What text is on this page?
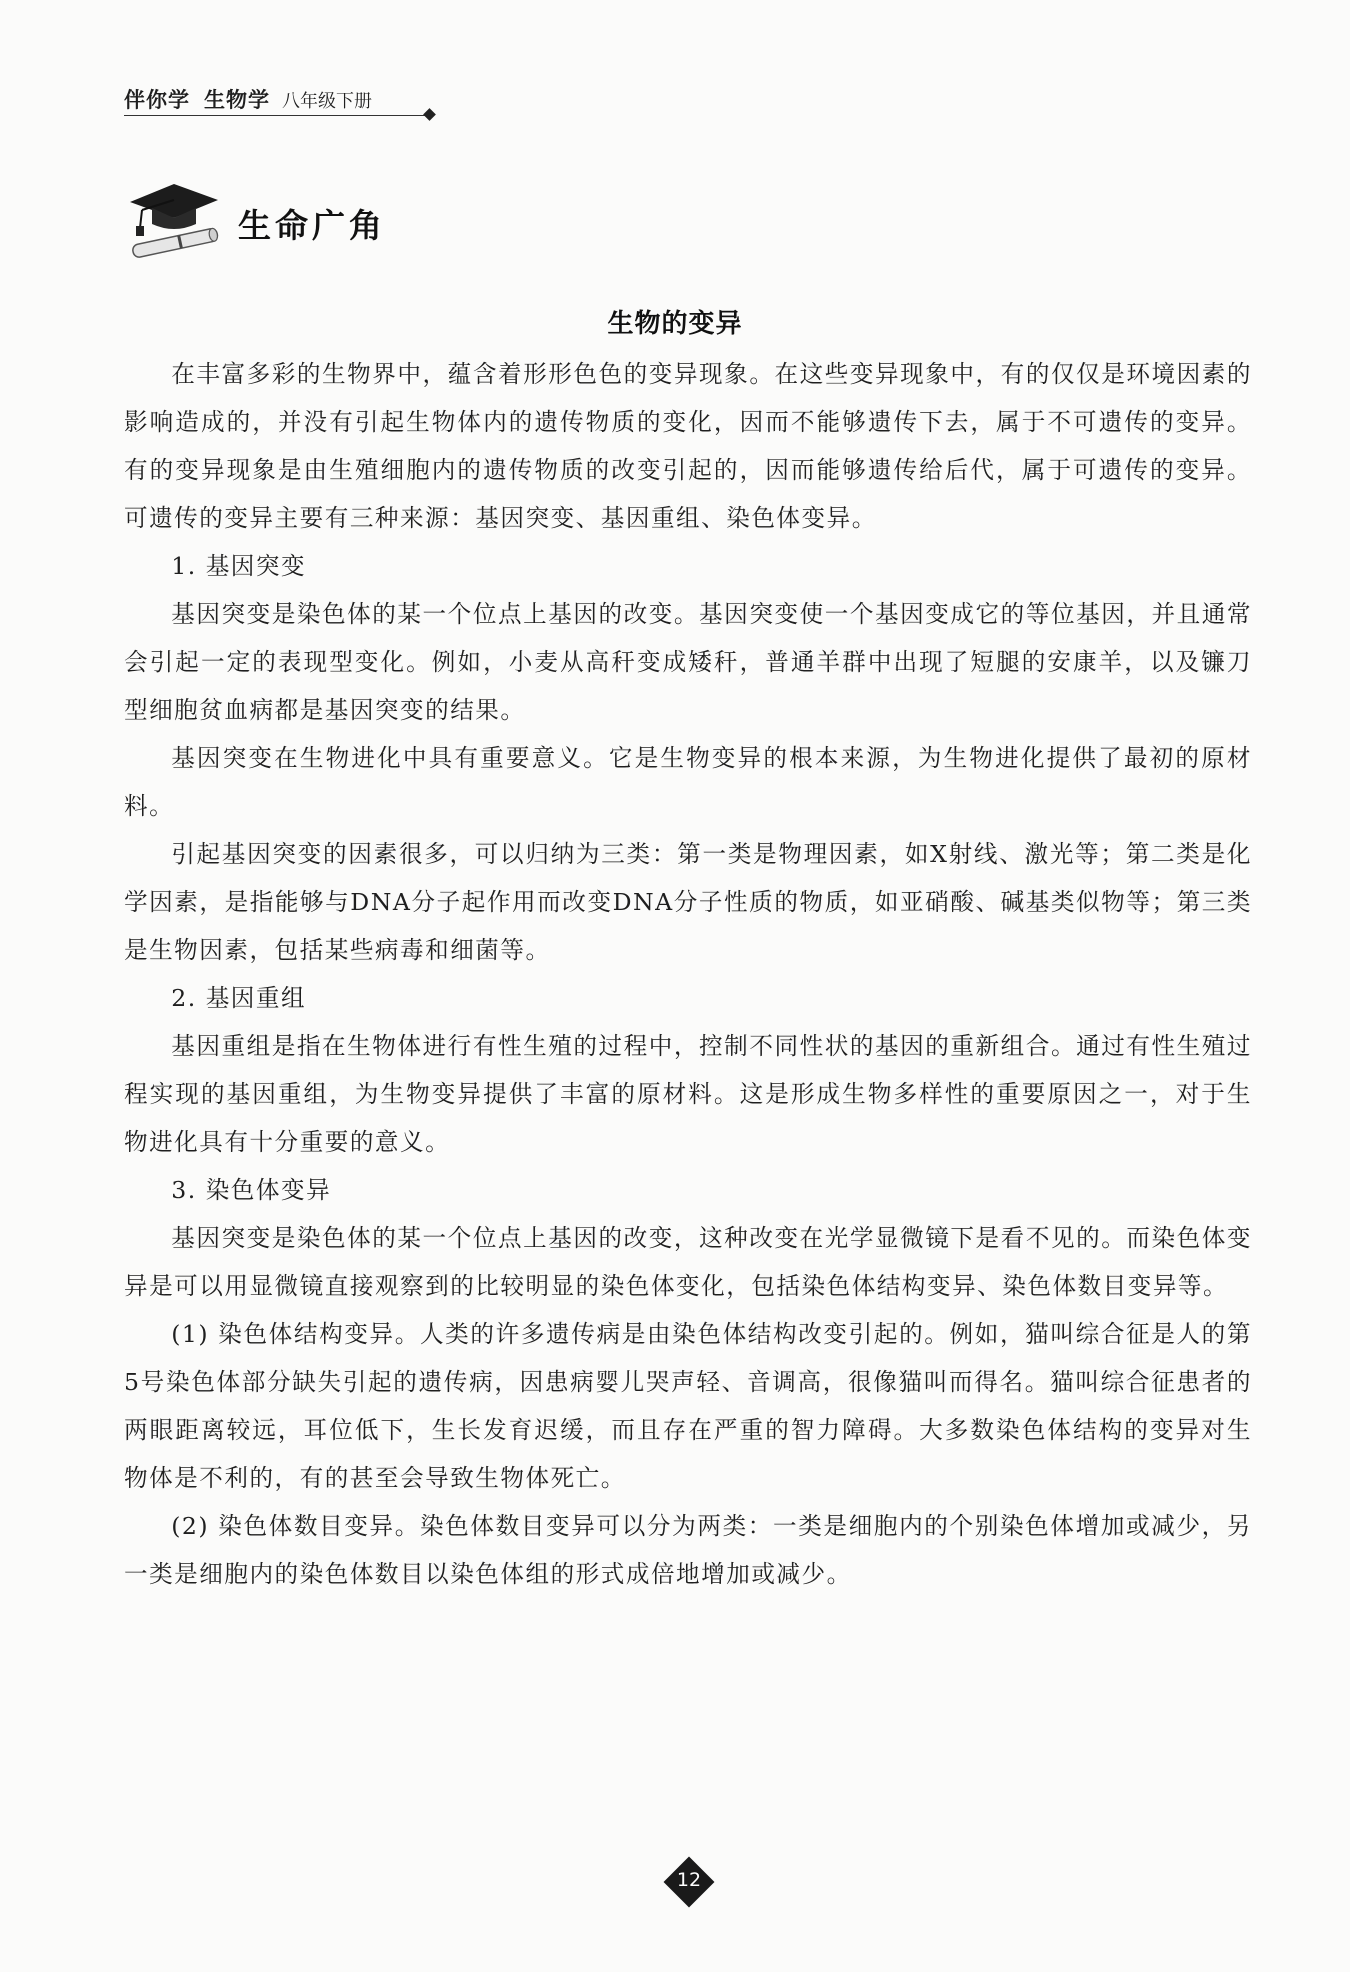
伴你学 生物学 八年级下册
生命广角
生物的变异

在丰富多彩的生物界中，蕴含着形形色色的变异现象。在这些变异现象中，有的仅仅是环境因素的影响造成的，并没有引起生物体内的遗传物质的变化，因而不能够遗传下去，属于不可遗传的变异。有的变异现象是由生殖细胞内的遗传物质的改变引起的，因而能够遗传给后代，属于可遗传的变异。可遗传的变异主要有三种来源：基因突变、基因重组、染色体变异。

1. 基因突变

基因突变是染色体的某一个位点上基因的改变。基因突变使一个基因变成它的等位基因，并且通常会引起一定的表现型变化。例如，小麦从高秆变成矮秆，普通羊群中出现了短腿的安康羊，以及镰刀型细胞贫血病都是基因突变的结果。

基因突变在生物进化中具有重要意义。它是生物变异的根本来源，为生物进化提供了最初的原材料。

引起基因突变的因素很多，可以归纳为三类：第一类是物理因素，如X射线、激光等；第二类是化学因素，是指能够与DNA分子起作用而改变DNA分子性质的物质，如亚硝酸、碱基类似物等；第三类是生物因素，包括某些病毒和细菌等。

2. 基因重组

基因重组是指在生物体进行有性生殖的过程中，控制不同性状的基因的重新组合。通过有性生殖过程实现的基因重组，为生物变异提供了丰富的原材料。这是形成生物多样性的重要原因之一，对于生物进化具有十分重要的意义。

3. 染色体变异

基因突变是染色体的某一个位点上基因的改变，这种改变在光学显微镜下是看不见的。而染色体变异是可以用显微镜直接观察到的比较明显的染色体变化，包括染色体结构变异、染色体数目变异等。

(1) 染色体结构变异。人类的许多遗传病是由染色体结构改变引起的。例如，猫叫综合征是人的第5号染色体部分缺失引起的遗传病，因患病婴儿哭声轻、音调高，很像猫叫而得名。猫叫综合征患者的两眼距离较远，耳位低下，生长发育迟缓，而且存在严重的智力障碍。大多数染色体结构的变异对生物体是不利的，有的甚至会导致生物体死亡。

(2) 染色体数目变异。染色体数目变异可以分为两类：一类是细胞内的个别染色体增加或减少，另一类是细胞内的染色体数目以染色体组的形式成倍地增加或减少。

12
